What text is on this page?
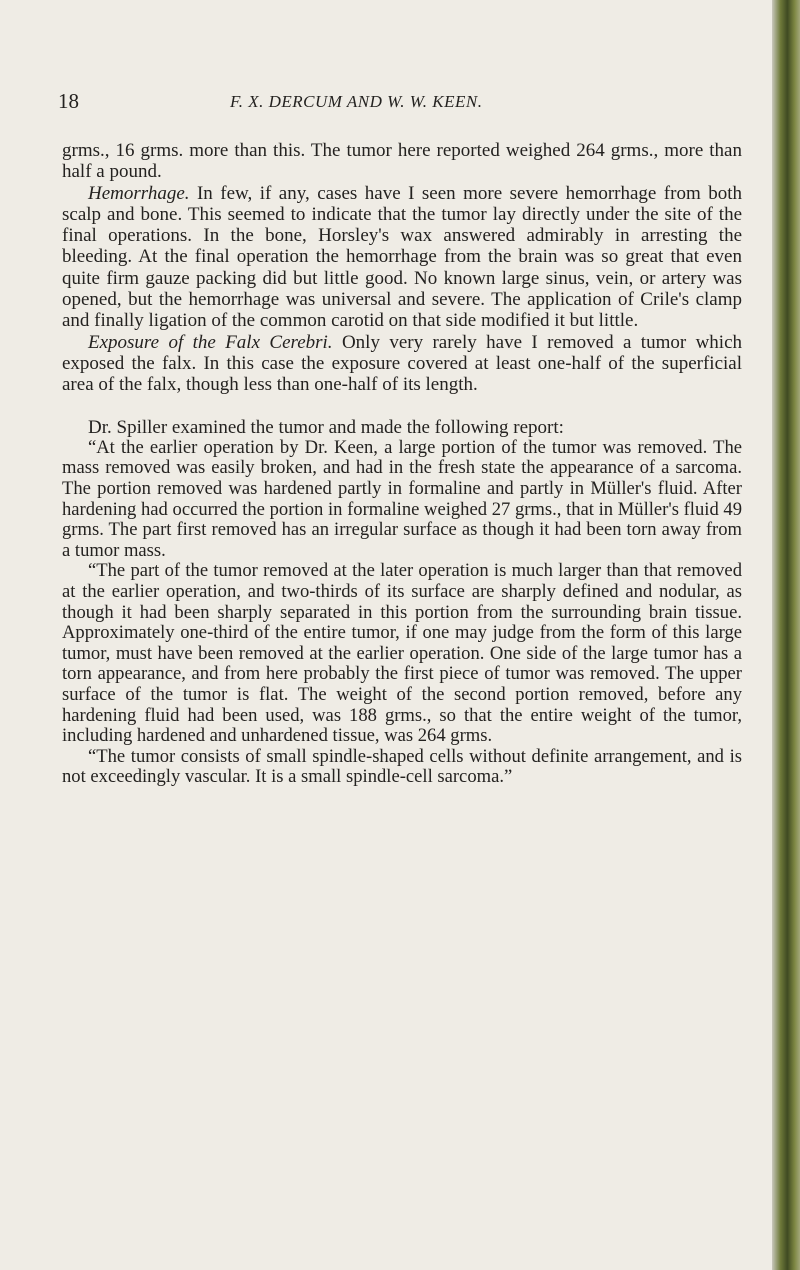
18	F. X. DERCUM AND W. W. KEEN.

grms., 16 grms. more than this. The tumor here reported weighed 264 grms., more than half a pound.

Hemorrhage. In few, if any, cases have I seen more severe hemorrhage from both scalp and bone. This seemed to indicate that the tumor lay directly under the site of the final operations. In the bone, Horsley's wax answered admirably in arresting the bleeding. At the final operation the hemorrhage from the brain was so great that even quite firm gauze packing did but little good. No known large sinus, vein, or artery was opened, but the hemorrhage was universal and severe. The application of Crile's clamp and finally ligation of the common carotid on that side modified it but little.

Exposure of the Falx Cerebri. Only very rarely have I removed a tumor which exposed the falx. In this case the exposure covered at least one-half of the superficial area of the falx, though less than one-half of its length.

Dr. Spiller examined the tumor and made the following report:

“At the earlier operation by Dr. Keen, a large portion of the tumor was removed. The mass removed was easily broken, and had in the fresh state the appearance of a sarcoma. The portion removed was hardened partly in formaline and partly in Müller's fluid. After hardening had occurred the portion in formaline weighed 27 grms., that in Müller's fluid 49 grms. The part first removed has an irregular surface as though it had been torn away from a tumor mass.

“The part of the tumor removed at the later operation is much larger than that removed at the earlier operation, and two-thirds of its surface are sharply defined and nodular, as though it had been sharply separated in this portion from the surrounding brain tissue. Approximately one-third of the entire tumor, if one may judge from the form of this large tumor, must have been removed at the earlier operation. One side of the large tumor has a torn appearance, and from here probably the first piece of tumor was removed. The upper surface of the tumor is flat. The weight of the second portion removed, before any hardening fluid had been used, was 188 grms., so that the entire weight of the tumor, including hardened and unhardened tissue, was 264 grms.

“The tumor consists of small spindle-shaped cells without definite arrangement, and is not exceedingly vascular. It is a small spindle-cell sarcoma.”
